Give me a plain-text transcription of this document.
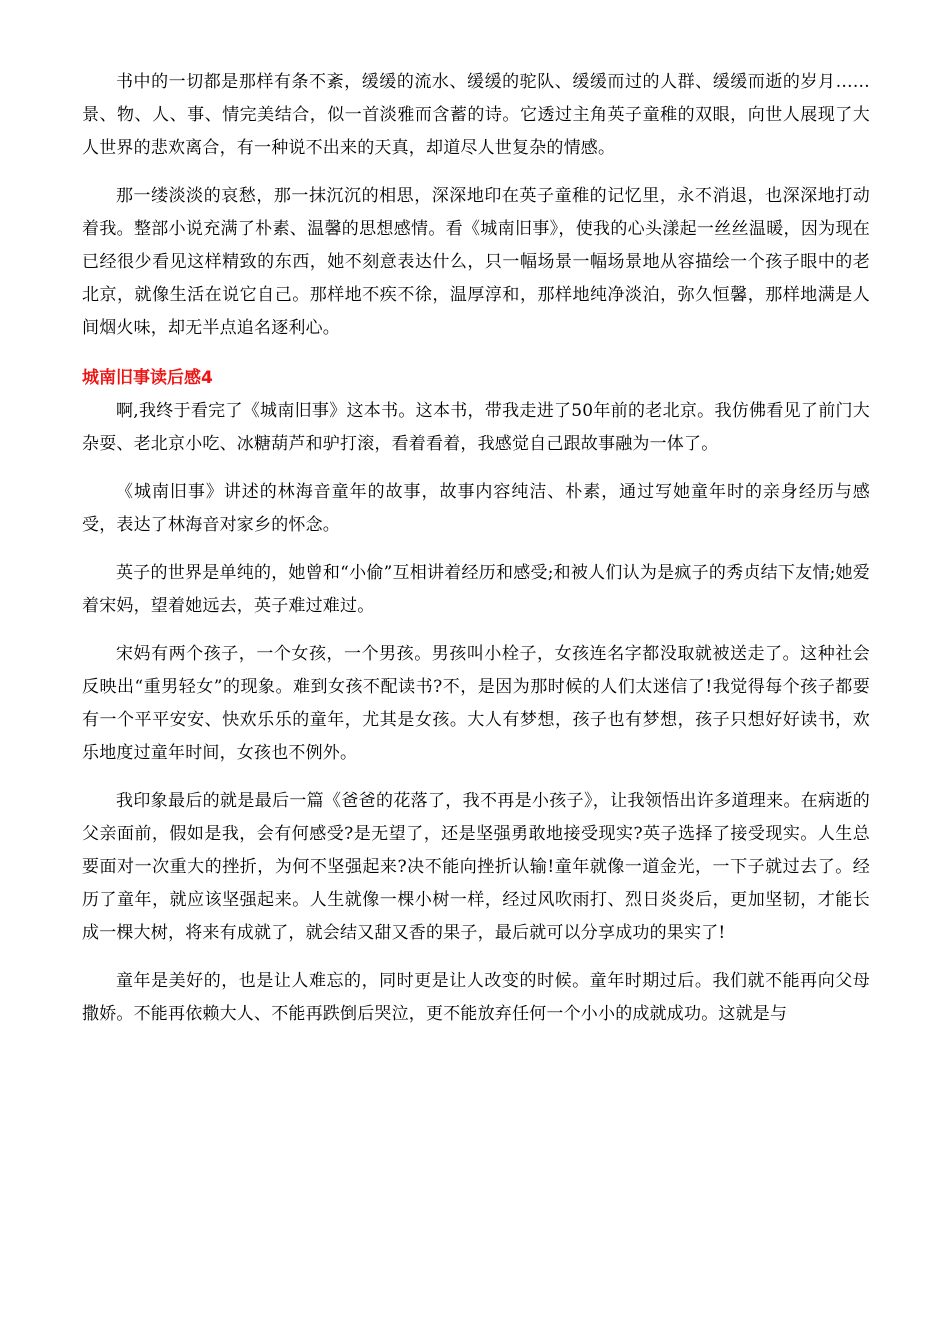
书中的一切都是那样有条不紊，缓缓的流水、缓缓的驼队、缓缓而过的人群、缓缓而逝的岁月……景、物、人、事、情完美结合，似一首淡雅而含蓄的诗。它透过主角英子童稚的双眼，向世人展现了大人世界的悲欢离合，有一种说不出来的天真，却道尽人世复杂的情感。

那一缕淡淡的哀愁，那一抹沉沉的相思，深深地印在英子童稚的记忆里，永不消退，也深深地打动着我。整部小说充满了朴素、温馨的思想感情。看《城南旧事》，使我的心头漾起一丝丝温暖，因为现在已经很少看见这样精致的东西，她不刻意表达什么，只一幅场景一幅场景地从容描绘一个孩子眼中的老北京，就像生活在说它自己。那样地不疾不徐，温厚淳和，那样地纯净淡泊，弥久恒馨，那样地满是人间烟火味，却无半点追名逐利心。

城南旧事读后感4

啊,我终于看完了《城南旧事》这本书。这本书，带我走进了50年前的老北京。我仿佛看见了前门大杂耍、老北京小吃、冰糖葫芦和驴打滚，看着看着，我感觉自己跟故事融为一体了。

《城南旧事》讲述的林海音童年的故事，故事内容纯洁、朴素，通过写她童年时的亲身经历与感受，表达了林海音对家乡的怀念。

英子的世界是单纯的，她曾和“小偷”互相讲着经历和感受;和被人们认为是疯子的秀贞结下友情;她爱着宋妈，望着她远去，英子难过难过。

宋妈有两个孩子，一个女孩，一个男孩。男孩叫小栓子，女孩连名字都没取就被送走了。这种社会反映出“重男轻女”的现象。难到女孩不配读书?不，是因为那时候的人们太迷信了!我觉得每个孩子都要有一个平平安安、快欢乐乐的童年，尤其是女孩。大人有梦想，孩子也有梦想，孩子只想好好读书，欢乐地度过童年时间，女孩也不例外。

我印象最后的就是最后一篇《爸爸的花落了，我不再是小孩子》，让我领悟出许多道理来。在病逝的父亲面前，假如是我，会有何感受?是无望了，还是坚强勇敢地接受现实?英子选择了接受现实。人生总要面对一次重大的挫折，为何不坚强起来?决不能向挫折认输!童年就像一道金光，一下子就过去了。经历了童年，就应该坚强起来。人生就像一棵小树一样，经过风吹雨打、烈日炎炎后，更加坚韧，才能长成一棵大树，将来有成就了，就会结又甜又香的果子，最后就可以分享成功的果实了!

童年是美好的，也是让人难忘的，同时更是让人改变的时候。童年时期过后。我们就不能再向父母撒娇。不能再依赖大人、不能再跌倒后哭泣，更不能放弃任何一个小小的成就成功。这就是与
